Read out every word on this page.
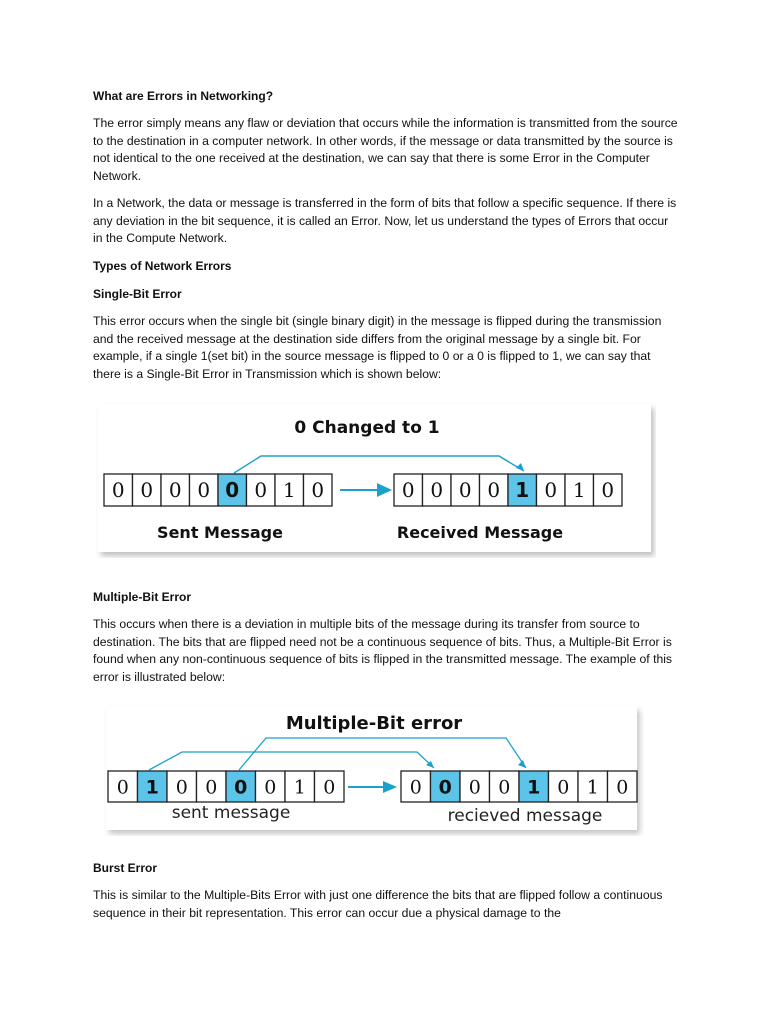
What are Errors in Networking?
The error simply means any flaw or deviation that occurs while the information is transmitted from the source to the destination in a computer network. In other words, if the message or data transmitted by the source is not identical to the one received at the destination, we can say that there is some Error in the Computer Network.
In a Network, the data or message is transferred in the form of bits that follow a specific sequence. If there is any deviation in the bit sequence, it is called an Error. Now, let us understand the types of Errors that occur in the Compute Network.
Types of Network Errors
Single-Bit Error
This error occurs when the single bit (single binary digit) in the message is flipped during the transmission and the received message at the destination side differs from the original message by a single bit. For example, if a single 1(set bit) in the source message is flipped to 0 or a 0 is flipped to 1, we can say that there is a Single-Bit Error in Transmission which is shown below:
0 Changed to 1
0 0 0 0 0 0 1 0	0 0 0 0 1 0 1 0
Sent Message	Received Message
Multiple-Bit Error
This occurs when there is a deviation in multiple bits of the message during its transfer from source to destination. The bits that are flipped need not be a continuous sequence of bits. Thus, a Multiple-Bit Error is found when any non-continuous sequence of bits is flipped in the transmitted message. The example of this error is illustrated below:
Multiple-Bit error
0 1 0 0 0 0 1 0	0 0 0 0 1 0 1 0
sent message	recieved message
Burst Error
This is similar to the Multiple-Bits Error with just one difference the bits that are flipped follow a continuous sequence in their bit representation. This error can occur due a physical damage to the
